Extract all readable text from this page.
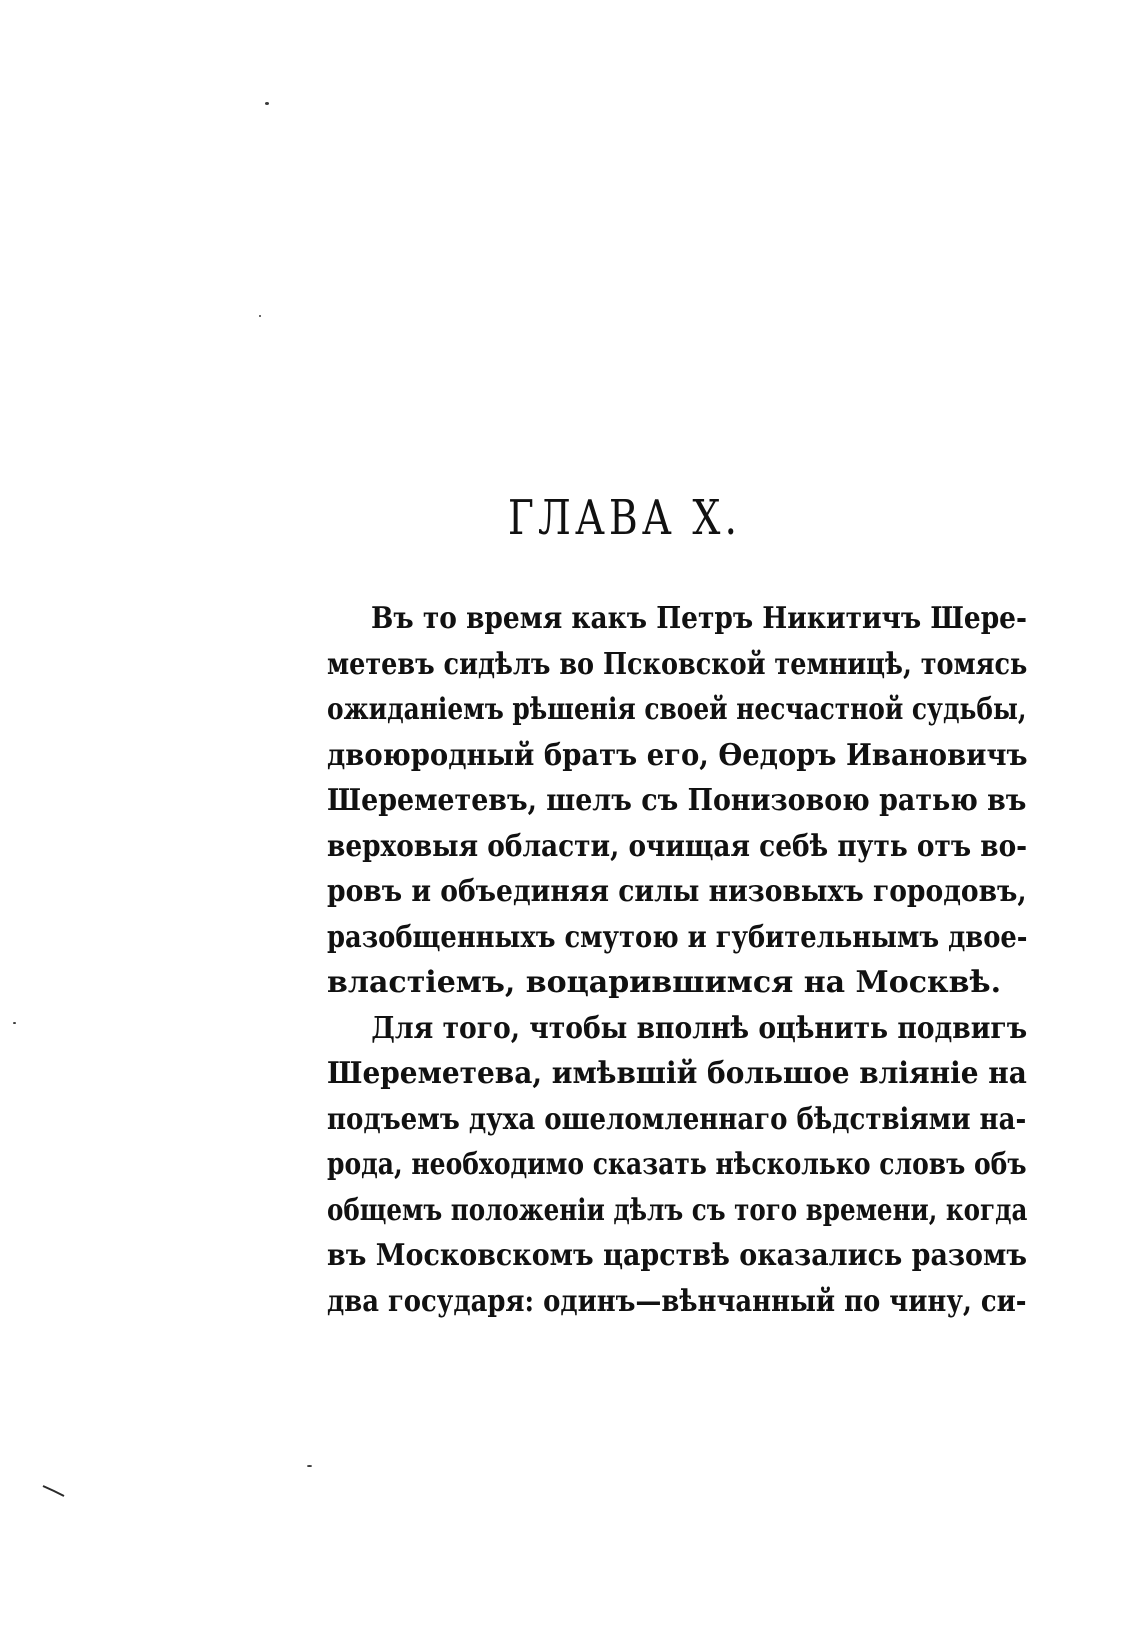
ГЛАВА X.
Въ то время какъ Петръ Никитичъ Шере-
метевъ сидѣлъ во Псковской темницѣ, томясь
ожиданіемъ рѣшенія своей несчастной судьбы,
двоюродный братъ его, Ѳедоръ Ивановичъ
Шереметевъ, шелъ съ Понизовою ратью въ
верховыя области, очищая себѣ путь отъ во-
ровъ и объединяя силы низовыхъ городовъ,
разобщенныхъ смутою и губительнымъ двое-
властіемъ, воцарившимся на Москвѣ.
Для того, чтобы вполнѣ оцѣнить подвигъ
Шереметева, имѣвшій большое вліяніе на
подъемъ духа ошеломленнаго бѣдствіями на-
рода, необходимо сказать нѣсколько словъ объ
общемъ положеніи дѣлъ съ того времени, когда
въ Московскомъ царствѣ оказались разомъ
два государя: одинъ—вѣнчанный по чину, си-
